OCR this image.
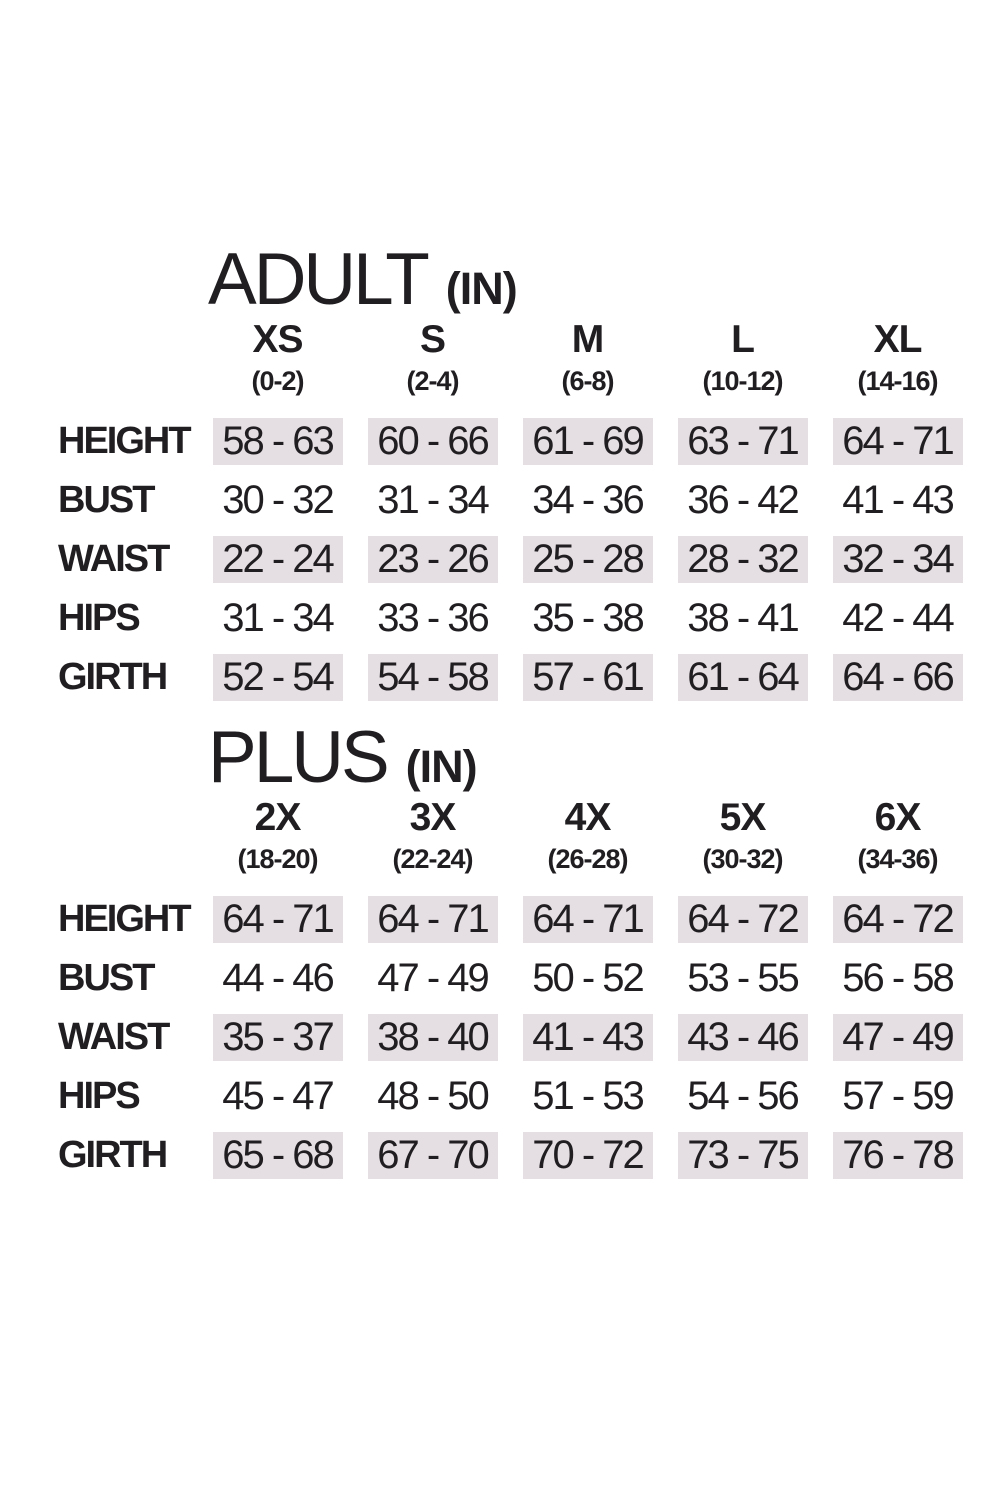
ADULT (IN)
XS	S	M	L	XL
(0-2)	(2-4)	(6-8)	(10-12)	(14-16)
HEIGHT 58 - 63	60 - 66	61 - 69	63 - 71	64 - 71
BUST	30 - 32	31 - 34	34 - 36	36 - 42	41 - 43
WAIST	22 - 24	23 - 26	25 - 28	28 - 32	32 - 34
HIPS	31 - 34	33 - 36	35 - 38	38 - 41	42 - 44
GIRTH	52 - 54	54 - 58	57 - 61	61 - 64	64 - 66
PLUS (IN)
2X	3X	4X	5X	6X
(18-20)	(22-24)	(26-28)	(30-32)	(34-36)
HEIGHT 64 - 71	64 - 71	64 - 71	64 - 72	64 - 72
BUST	44 - 46	47 - 49	50 - 52	53 - 55	56 - 58
WAIST	35 - 37	38 - 40	41 - 43	43 - 46	47 - 49
HIPS	45 - 47	48 - 50	51 - 53	54 - 56	57 - 59
GIRTH	65 - 68	67 - 70	70 - 72	73 - 75	76 - 78
